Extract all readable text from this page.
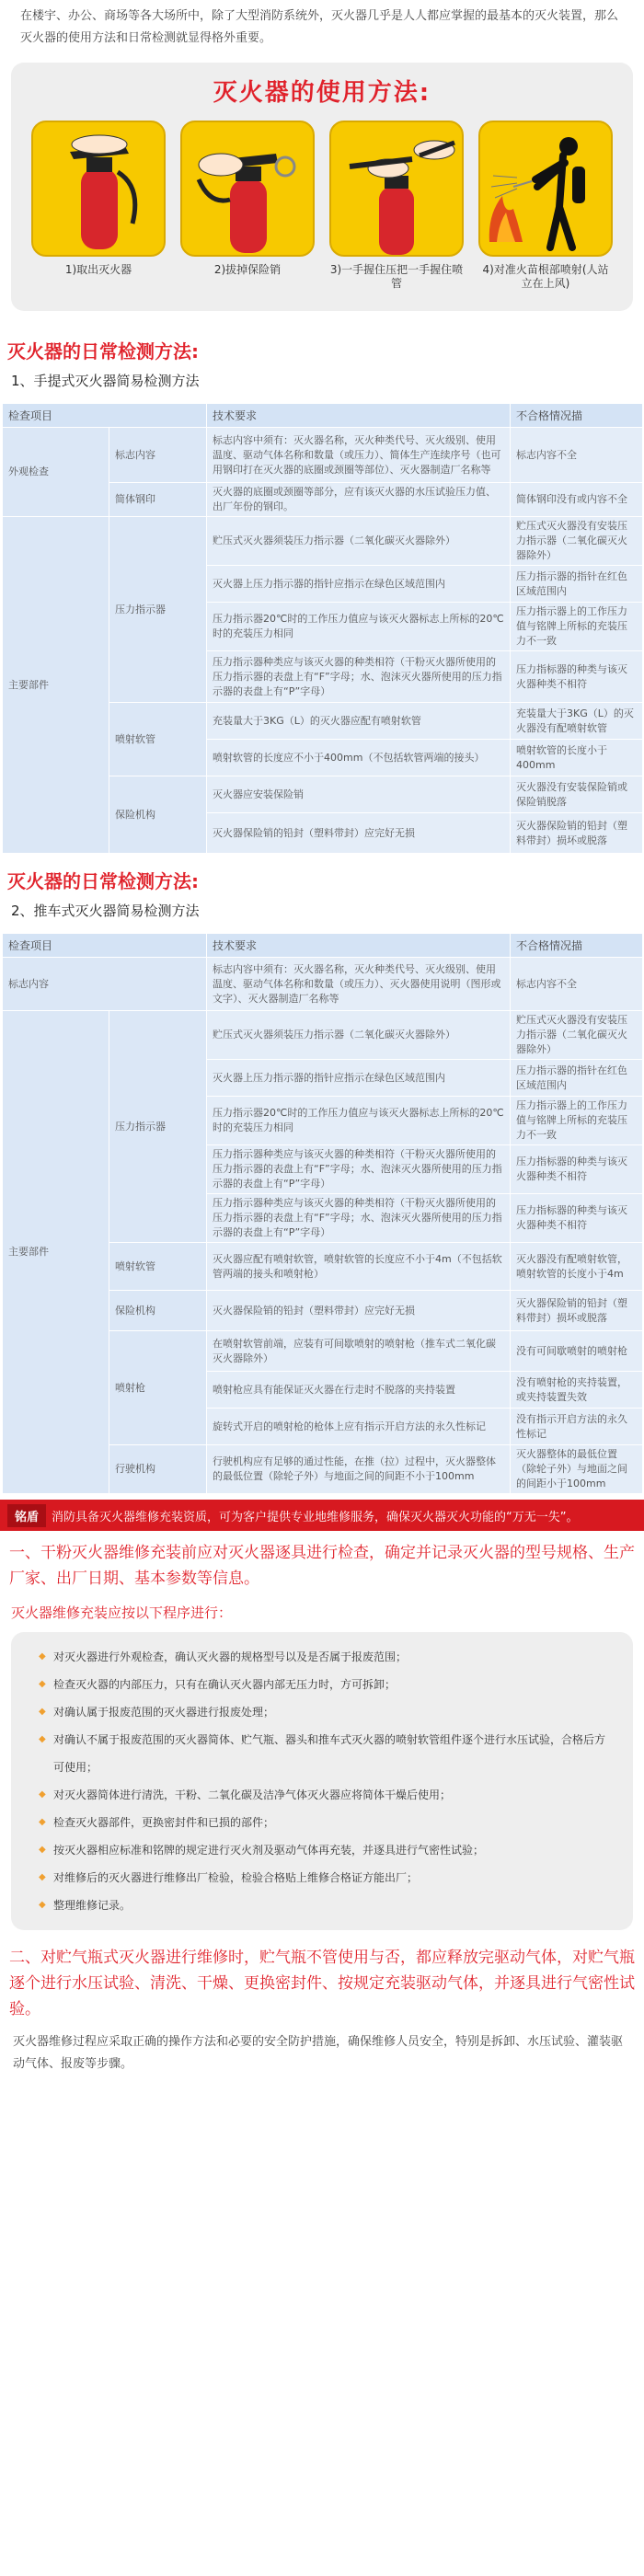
在楼宇、办公、商场等各大场所中，除了大型消防系统外，灭火器几乎是人人都应掌握的最基本的灭火装置，那么灭火器的使用方法和日常检测就显得格外重要。
灭火器的使用方法:
1)取出灭火器	2)拔掉保险销	3)一手握住压把一手握住喷管
4)对准火苗根部喷射(人站立在上风)
灭火器的日常检测方法:
1、手提式灭火器简易检测方法
检查项目		技术要求	不合格情况描
外观检查	标志内容	标志内容中须有：灭火器名称，灭火种类代号、灭火级别、使用温度、驱动气体名称和数量（或压力）、简体生产连续序号（也可用钢印打在灭火器的底圈或颈圈等部位）、灭火器制造厂名称等	标志内容不全
	简体钢印	灭火器的底圈或颈圈等部分，应有该灭火器的水压试验压力值、出厂年份的钢印。	简体钢印没有或内容不全
主要部件	压力指示器	贮压式灭火器须装压力指示器（二氧化碳灭火器除外）	贮压式灭火器没有安装压力指示器（二氧化碳灭火器除外）
		灭火器上压力指示器的指针应指示在绿色区域范围内	压力指示器的指针在红色区域范围内
		压力指示器20℃时的工作压力值应与该灭火器标志上所标的20℃时的充装压力相同	压力指示器上的工作压力值与铭牌上所标的充装压力不一致
		压力指示器种类应与该灭火器的种类相符（干粉灭火器所使用的压力指示器的表盘上有“F”字母；水、泡沫灭火器所使用的压力指示器的表盘上有“P”字母）	压力指标器的种类与该灭火器种类不相符
	喷射软管	充装量大于3KG（L）的灭火器应配有喷射软管	充装量大于3KG（L）的灭火器没有配喷射软管
		喷射软管的长度应不小于400mm（不包括软管两端的接头）	喷射软管的长度小于400mm
	保险机构	灭火器应安装保险销	灭火器没有安装保险销或保险销脱落
		灭火器保险销的铅封（塑料带封）应完好无损	灭火器保险销的铅封（塑料带封）损坏或脱落
灭火器的日常检测方法:
2、推车式灭火器简易检测方法
检查项目		技术要求	不合格情况描
标志内容		标志内容中须有：灭火器名称，灭火种类代号、灭火级别、使用温度、驱动气体名称和数量（或压力）、灭火器使用说明（图形或文字）、灭火器制造厂名称等	标志内容不全
主要部件	压力指示器	贮压式灭火器须装压力指示器（二氧化碳灭火器除外）	贮压式灭火器没有安装压力指示器（二氧化碳灭火器除外）
		灭火器上压力指示器的指针应指示在绿色区域范围内	压力指示器的指针在红色区域范围内
		压力指示器20℃时的工作压力值应与该灭火器标志上所标的20℃时的充装压力相同	压力指示器上的工作压力值与铭牌上所标的充装压力不一致
		压力指示器种类应与该灭火器的种类相符（干粉灭火器所使用的压力指示器的表盘上有“F”字母；水、泡沫灭火器所使用的压力指示器的表盘上有“P”字母）	压力指标器的种类与该灭火器种类不相符
		压力指示器种类应与该灭火器的种类相符（干粉灭火器所使用的压力指示器的表盘上有“F”字母；水、泡沫灭火器所使用的压力指示器的表盘上有“P”字母）	压力指标器的种类与该灭火器种类不相符
	喷射软管	灭火器应配有喷射软管，喷射软管的长度应不小于4m（不包括软管两端的接头和喷射枪）	灭火器没有配喷射软管，喷射软管的长度小于4m
	保险机构	灭火器保险销的铅封（塑料带封）应完好无损	灭火器保险销的铅封（塑料带封）损坏或脱落
	喷射枪	在喷射软管前端，应装有可间歇喷射的喷射枪（推车式二氧化碳灭火器除外）	没有可间歇喷射的喷射枪
		喷射枪应具有能保证灭火器在行走时不脱落的夹持装置	没有喷射枪的夹持装置，或夹持装置失效
		旋转式开启的喷射枪的枪体上应有指示开启方法的永久性标记	没有指示开启方法的永久性标记
	行驶机构	行驶机构应有足够的通过性能，在推（拉）过程中，灭火器整体的最低位置（除轮子外）与地面之间的间距不小于100mm	灭火器整体的最低位置（除轮子外）与地面之间的间距小于100mm
铭盾	消防具备灭火器维修充装资质，可为客户提供专业地维修服务，确保灭火器灭火功能的“万无一失”。
一、干粉灭火器维修充装前应对灭火器逐具进行检查，确定并记录灭火器的型号规格、生产厂家、出厂日期、基本参数等信息。
灭火器维修充装应按以下程序进行：
◆ 对灭火器进行外观检查，确认灭火器的规格型号以及是否属于报废范围；
◆ 检查灭火器的内部压力，只有在确认灭火器内部无压力时，方可拆卸；
◆ 对确认属于报废范围的灭火器进行报废处理；
◆ 对确认不属于报废范围的灭火器简体、贮气瓶、器头和推车式灭火器的喷射软管组件逐个进行水压试验，合格后方可使用；
◆ 对灭火器简体进行清洗，干粉、二氧化碳及洁净气体灭火器应将简体干燥后使用；
◆ 检查灭火器部件，更换密封件和已损的部件；
◆ 按灭火器相应标准和铭牌的规定进行灭火剂及驱动气体再充装，并逐具进行气密性试验；
◆ 对维修后的灭火器进行维修出厂检验，检验合格贴上维修合格证方能出厂；
◆ 整理维修记录。
二、对贮气瓶式灭火器进行维修时，贮气瓶不管使用与否，都应释放完驱动气体，对贮气瓶逐个进行水压试验、清洗、干燥、更换密封件、按规定充装驱动气体，并逐具进行气密性试验。
灭火器维修过程应采取正确的操作方法和必要的安全防护措施，确保维修人员安全，特别是拆卸、水压试验、灌装驱动气体、报废等步骤。
